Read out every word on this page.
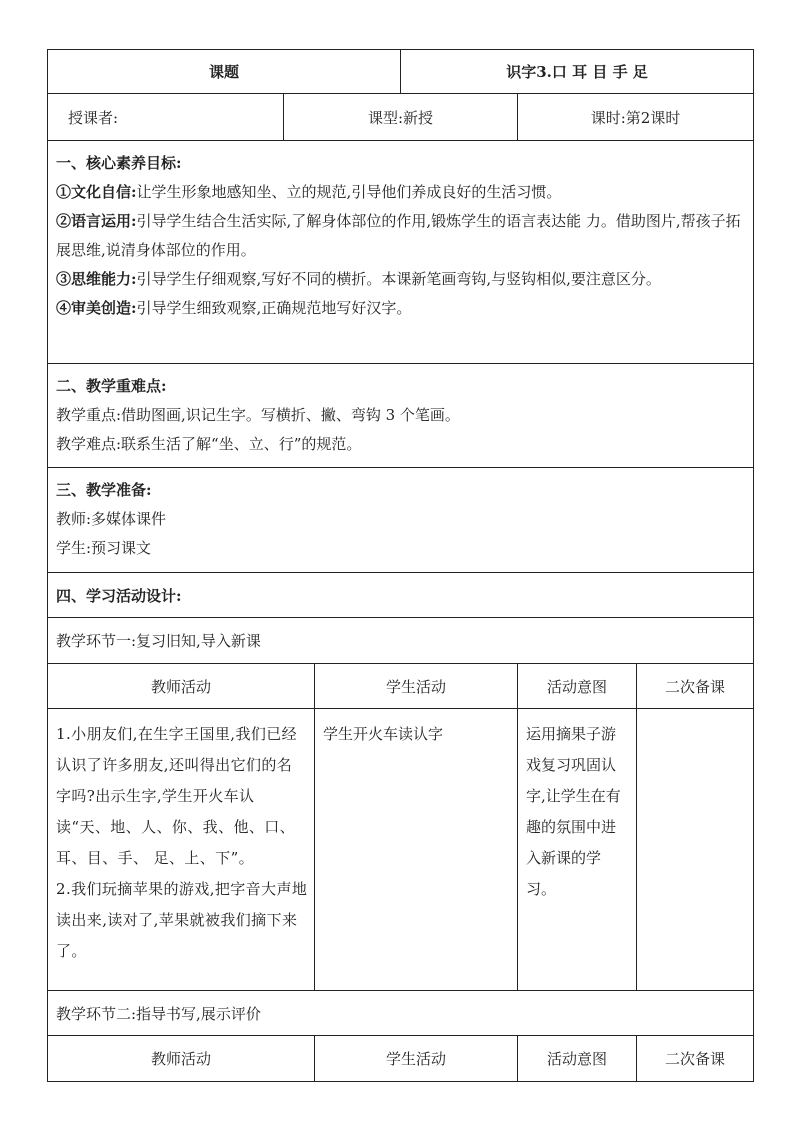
课题			识字3.口 耳 目 手 足		
授课者:	课型:新授			课时:第2课时	

一、核心素养目标:

①文化自信:让学生形象地感知坐、立的规范,引导他们养成良好的生活习惯。

②语言运用:引导学生结合生活实际,了解身体部位的作用,锻炼学生的语言表达能 力。借助图片,帮孩子拓展思维,说清身体部位的作用。

③思维能力:引导学生仔细观察,写好不同的横折。本课新笔画弯钩,与竖钩相似,要注意区分。

④审美创造:引导学生细致观察,正确规范地写好汉字。					

二、教学重难点:

教学重点:借助图画,识记生字。写横折、撇、弯钩 3 个笔画。

教学难点:联系生活了解“坐、立、行”的规范。					

三、教学准备:

教师:多媒体课件

学生:预习课文					

四、学习活动设计:					
教学环节一:复习旧知,导入新课					
教师活动		学生活动		活动意图	二次备课
1.小朋友们,在生字王国里,我们已经认识了许多朋友,还叫得出它们的名  字吗?出示生字,学生开火车认读“天、地、人、你、我、他、口、耳、目、手、 足、上、下”。
2.我们玩摘苹果的游戏,把字音大声地读出来,读对了,苹果就被我们摘下来了。		学生开火车读认字		运用摘果子游戏复习巩固认字,让学生在有趣的氛围中进入新课的学习。	
教学环节二:指导书写,展示评价					
教师活动		学生活动		活动意图	二次备课
